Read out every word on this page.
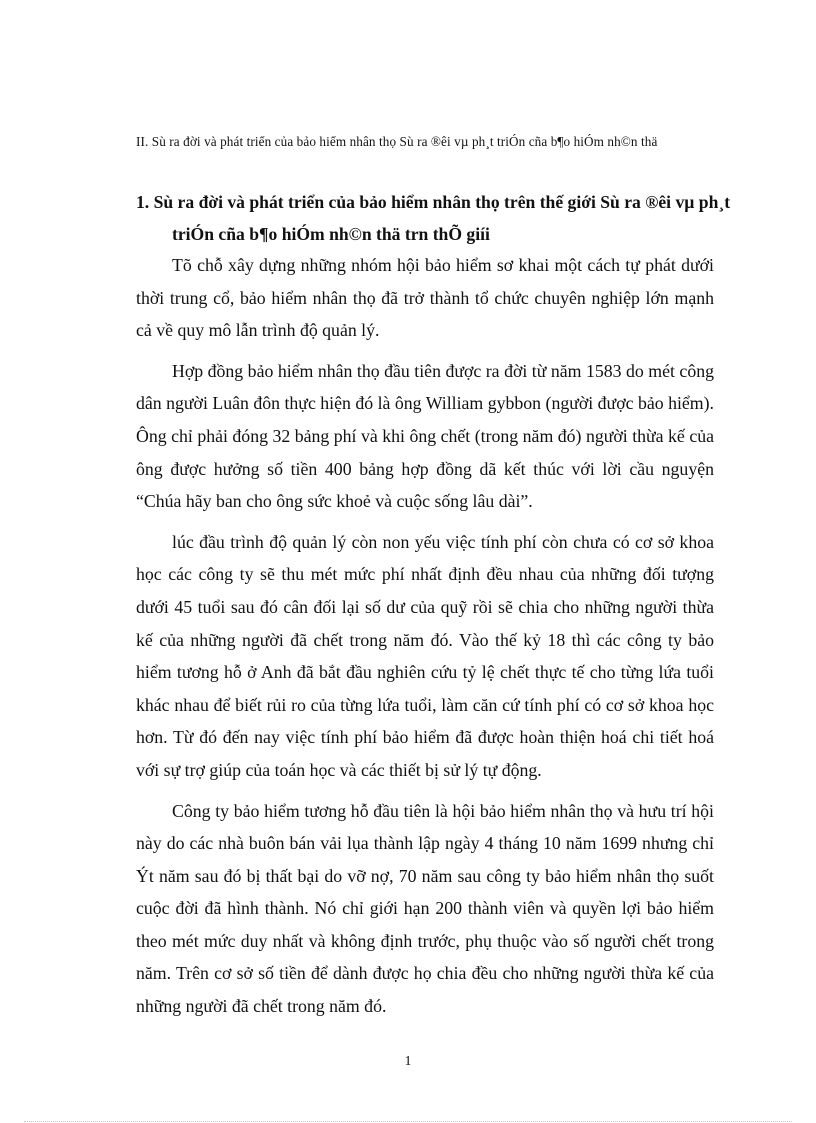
II. Sù ra đời và phát triển của bảo hiểm nhân thọ Sù ra ®êi vµ ph¸t triÓn cña b¶o hiÓm nh©n thä
1. Sù ra đời và phát triển của bảo hiểm nhân thọ trên thế giới Sù ra ®êi vµ ph¸t triÓn cña b¶o hiÓm nh©n thä trn thÕ giíi

Tõ chỗ xây dựng những nhóm hội bảo hiểm sơ khai một cách tự phát dưới thời trung cổ, bảo hiểm nhân thọ đã trở thành tổ chức chuyên nghiệp lớn mạnh cả về quy mô lẫn trình độ quản lý.

Hợp đồng bảo hiểm nhân thọ đầu tiên được ra đời từ năm 1583 do mét công dân người Luân đôn thực hiện đó là ông William gybbon (người được bảo hiểm). Ông chỉ phải đóng 32 bảng phí và khi ông chết (trong năm đó) người thừa kế của ông được hưởng số tiền 400 bảng hợp đồng dã kết thúc với lời cầu nguyện “Chúa hãy ban cho ông sức khoẻ và cuộc sống lâu dài”.

lúc đầu trình độ quản lý còn non yếu việc tính phí còn chưa có cơ sở khoa học các công ty sẽ thu mét mức phí nhất định đều nhau của những đối tượng dưới 45 tuổi sau đó cân đối lại số dư của quỹ rồi sẽ chia cho những người thừa kế của những người đã chết trong năm đó. Vào thế kỷ 18 thì các công ty bảo hiểm tương hỗ ở Anh đã bắt đầu nghiên cứu tỷ lệ chết thực tế cho từng lứa tuổi khác nhau để biết rủi ro của từng lứa tuổi, làm căn cứ tính phí có cơ sở khoa học hơn. Từ đó đến nay việc tính phí bảo hiểm đã được hoàn thiện hoá chi tiết hoá với sự trợ giúp của toán học và các thiết bị sử lý tự động.

Công ty bảo hiểm tương hỗ đầu tiên là hội bảo hiểm nhân thọ và hưu trí hội này do các nhà buôn bán vải lụa thành lập ngày 4 tháng 10 năm 1699 nhưng chỉ Ýt năm sau đó bị thất bại do vỡ nợ, 70 năm sau công ty bảo hiểm nhân thọ suốt cuộc đời đã hình thành. Nó chỉ giới hạn 200 thành viên và quyền lợi bảo hiểm theo mét mức duy nhất và không định trước, phụ thuộc vào số người chết trong năm. Trên cơ sở số tiền để dành được họ chia đều cho những người thừa kế của những người đã chết trong năm đó.

1
